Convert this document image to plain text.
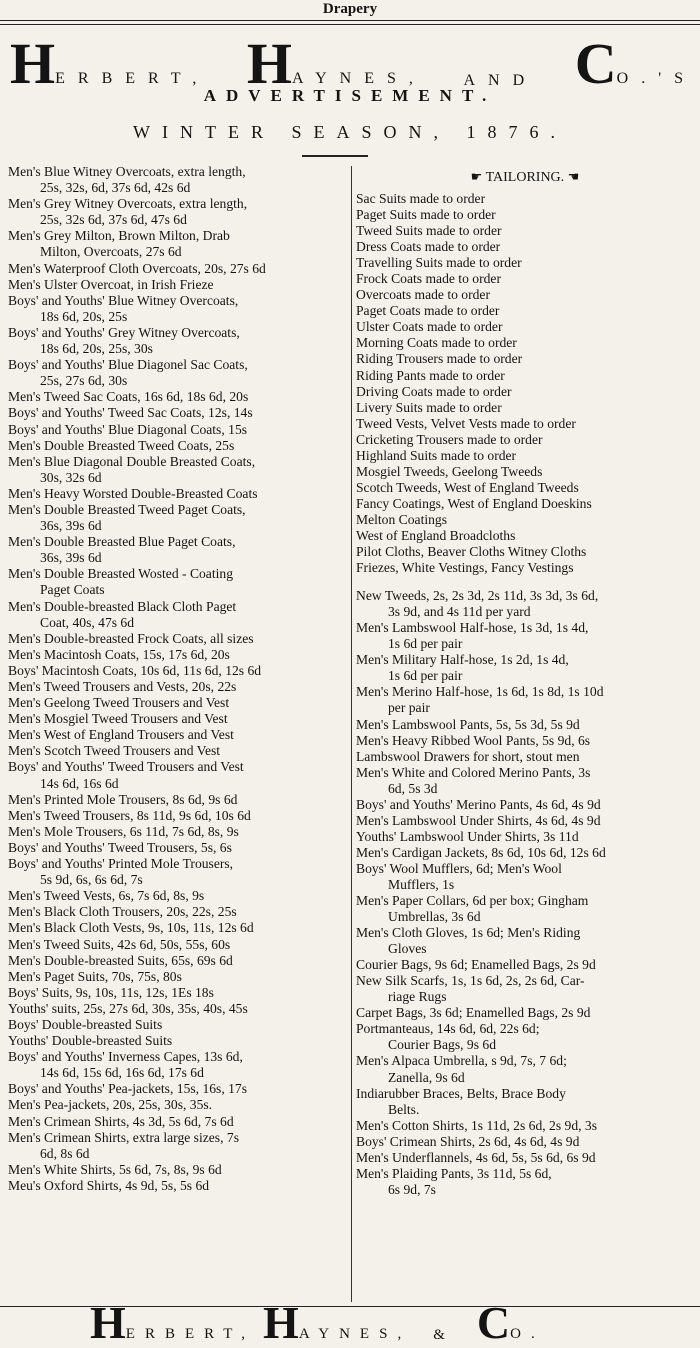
Drapery
HERBERT, HAYNES, AND CO.'S
ADVERTISEMENT.
WINTER SEASON, 1876.
Men's Blue Witney Overcoats, extra length,
25s, 32s, 6d, 37s 6d, 42s 6d
Men's Grey Witney Overcoats, extra length,
25s, 32s 6d, 37s 6d, 47s 6d
Men's Grey Milton, Brown Milton, Drab
Milton, Overcoats, 27s 6d
Men's Waterproof Cloth Overcoats, 20s, 27s 6d
Men's Ulster Overcoat, in Irish Frieze
Boys' and Youths' Blue Witney Overcoats,
18s 6d, 20s, 25s
Boys' and Youths' Grey Witney Overcoats,
18s 6d, 20s, 25s, 30s
Boys' and Youths' Blue Diagonel Sac Coats,
25s, 27s 6d, 30s
Men's Tweed Sac Coats, 16s 6d, 18s 6d, 20s
Boys' and Youths' Tweed Sac Coats, 12s, 14s
Boys' and Youths' Blue Diagonal Coats, 15s
Men's Double Breasted Tweed Coats, 25s
Men's Blue Diagonal Double Breasted Coats,
30s, 32s 6d
Men's Heavy Worsted Double-Breasted Coats
Men's Double Breasted Tweed Paget Coats,
36s, 39s 6d
Men's Double Breasted Blue Paget Coats,
36s, 39s 6d
Men's Double Breasted Wosted - Coating
Paget Coats
Men's Double-breasted Black Cloth Paget
Coat, 40s, 47s 6d
Men's Double-breasted Frock Coats, all sizes
Men's Macintosh Coats, 15s, 17s 6d, 20s
Boys' Macintosh Coats, 10s 6d, 11s 6d, 12s 6d
Men's Tweed Trousers and Vests, 20s, 22s
Men's Geelong Tweed Trousers and Vest
Men's Mosgiel Tweed Trousers and Vest
Men's West of England Trousers and Vest
Men's Scotch Tweed Trousers and Vest
Boys' and Youths' Tweed Trousers and Vest
14s 6d, 16s 6d
Men's Printed Mole Trousers, 8s 6d, 9s 6d
Men's Tweed Trousers, 8s 11d, 9s 6d, 10s 6d
Men's Mole Trousers, 6s 11d, 7s 6d, 8s, 9s
Boys' and Youths' Tweed Trousers, 5s, 6s
Boys' and Youths' Printed Mole Trousers,
5s 9d, 6s, 6s 6d, 7s
Men's Tweed Vests, 6s, 7s 6d, 8s, 9s
Men's Black Cloth Trousers, 20s, 22s, 25s
Men's Black Cloth Vests, 9s, 10s, 11s, 12s 6d
Men's Tweed Suits, 42s 6d, 50s, 55s, 60s
Men's Double-breasted Suits, 65s, 69s 6d
Men's Paget Suits, 70s, 75s, 80s
Boys' Suits, 9s, 10s, 11s, 12s, 1Es 18s
Youths' suits, 25s, 27s 6d, 30s, 35s, 40s, 45s
Boys' Double-breasted Suits
Youths' Double-breasted Suits
Boys' and Youths' Inverness Capes, 13s 6d,
14s 6d, 15s 6d, 16s 6d, 17s 6d
Boys' and Youths' Pea-jackets, 15s, 16s, 17s
Men's Pea-jackets, 20s, 25s, 30s, 35s.
Men's Crimean Shirts, 4s 3d, 5s 6d, 7s 6d
Men's Crimean Shirts, extra large sizes, 7s
6d, 8s 6d
Men's White Shirts, 5s 6d, 7s, 8s, 9s 6d
Meu's Oxford Shirts, 4s 9d, 5s, 5s 6d
☛ TAILORING. ☚
Sac Suits made to order
Paget Suits made to order
Tweed Suits made to order
Dress Coats made to order
Travelling Suits made to order
Frock Coats made to order
Overcoats made to order
Paget Coats made to order
Ulster Coats made to order
Morning Coats made to order
Riding Trousers made to order
Riding Pants made to order
Driving Coats made to order
Livery Suits made to order
Tweed Vests, Velvet Vests made to order
Cricketing Trousers made to order
Highland Suits made to order
Mosgiel Tweeds, Geelong Tweeds
Scotch Tweeds, West of England Tweeds
Fancy Coatings, West of England Doeskins
Melton Coatings
West of England Broadcloths
Pilot Cloths, Beaver Cloths Witney Cloths
Friezes, White Vestings, Fancy Vestings
New Tweeds, 2s, 2s 3d, 2s 11d, 3s 3d, 3s 6d,
3s 9d, and 4s 11d per yard
Men's Lambswool Half-hose, 1s 3d, 1s 4d,
1s 6d per pair
Men's Military Half-hose, 1s 2d, 1s 4d,
1s 6d per pair
Men's Merino Half-hose, 1s 6d, 1s 8d, 1s 10d
per pair
Men's Lambswool Pants, 5s, 5s 3d, 5s 9d
Men's Heavy Ribbed Wool Pants, 5s 9d, 6s
Lambswool Drawers for short, stout men
Men's White and Colored Merino Pants, 3s
6d, 5s 3d
Boys' and Youths' Merino Pants, 4s 6d, 4s 9d
Men's Lambswool Under Shirts, 4s 6d, 4s 9d
Youths' Lambswool Under Shirts, 3s 11d
Men's Cardigan Jackets, 8s 6d, 10s 6d, 12s 6d
Boys' Wool Mufflers, 6d; Men's Wool
Mufflers, 1s
Men's Paper Collars, 6d per box; Gingham
Umbrellas, 3s 6d
Men's Cloth Gloves, 1s 6d; Men's Riding
Gloves
Courier Bags, 9s 6d; Enamelled Bags, 2s 9d
New Silk Scarfs, 1s, 1s 6d, 2s, 2s 6d, Car-
riage Rugs
Carpet Bags, 3s 6d; Enamelled Bags, 2s 9d
Portmanteaus, 14s 6d, 6d, 22s 6d;
Courier Bags, 9s 6d
Men's Alpaca Umbrella, s 9d, 7s, 7 6d;
Zanella, 9s 6d
Indiarubber Braces, Belts, Brace Body
Belts.
Men's Cotton Shirts, 1s 11d, 2s 6d, 2s 9d, 3s
Boys' Crimean Shirts, 2s 6d, 4s 6d, 4s 9d
Men's Underflannels, 4s 6d, 5s, 5s 6d, 6s 9d
Men's Plaiding Pants, 3s 11d, 5s 6d,
6s 9d, 7s
HERBERT, HAYNES,	& CO.
